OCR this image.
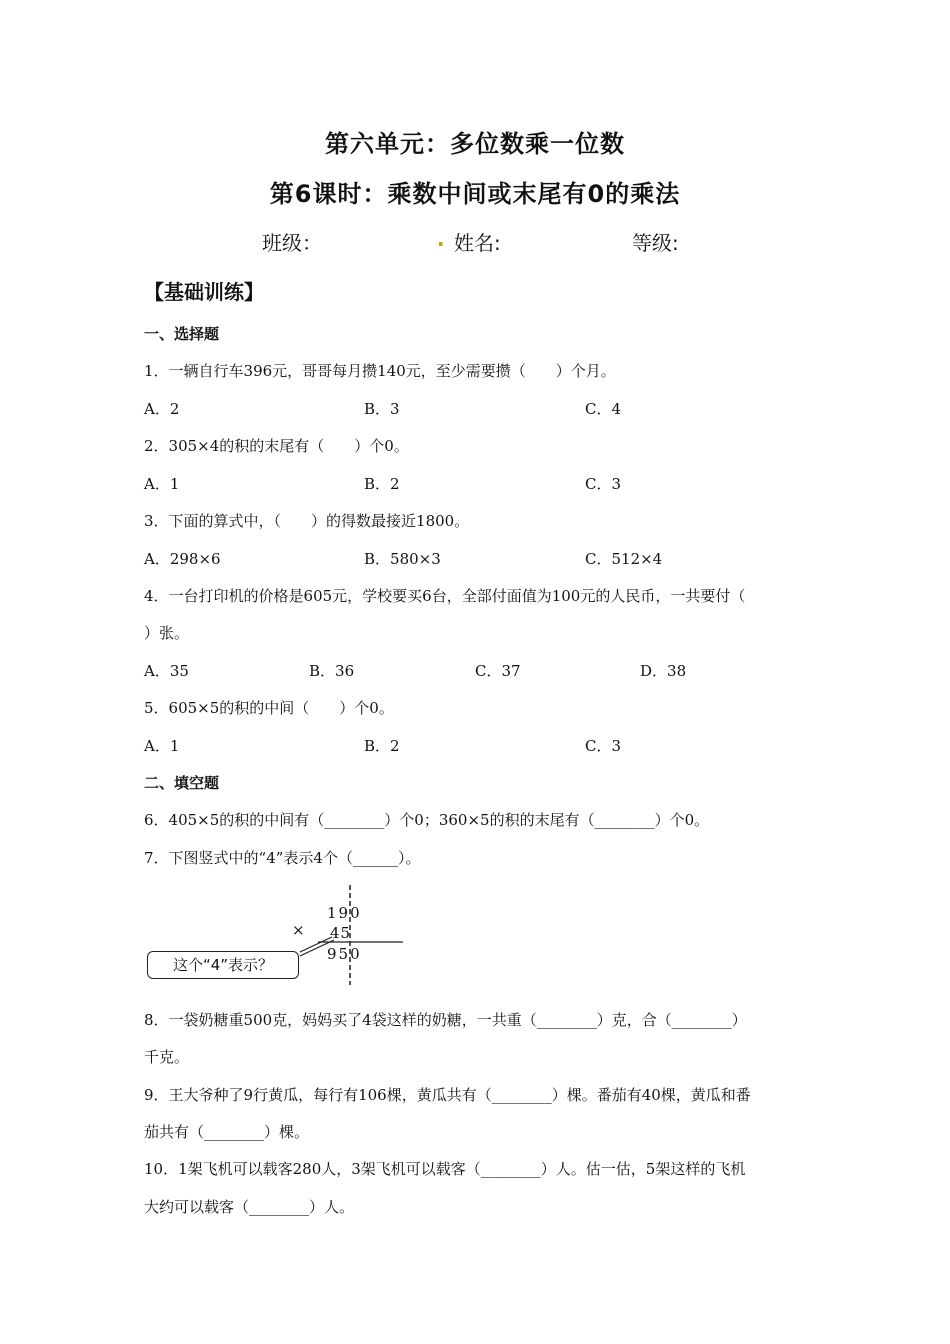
第六单元：多位数乘一位数
第6课时：乘数中间或末尾有0的乘法
班级：	. 姓名:	等级:
【基础训练】
一、选择题
1．一辆自行车396元，哥哥每月攒140元，至少需要攒（　　）个月。
A．2	B．3	C．4
2．305×4的积的末尾有（　　）个0。
A．1	B．2	C．3
3．下面的算式中，（　　）的得数最接近1800。
A．298×6	B．580×3	C．512×4
4．一台打印机的价格是605元，学校要买6台，全部付面值为100元的人民币，一共要付（
）张。
A．35	B．36	C．37	D．38
5．605×5的积的中间（　　）个0。
A．1	B．2	C．3
二、填空题
6．405×5的积的中间有（________）个0；360×5的积的末尾有（________）个0。
7．下图竖式中的“4”表示4个（______）。
190
× 45
950
这个“4”表示？
8．一袋奶糖重500克，妈妈买了4袋这样的奶糖，一共重（________）克，合（________）
千克。
9．王大爷种了9行黄瓜，每行有106棵，黄瓜共有（________）棵。番茄有40棵，黄瓜和番
茄共有（________）棵。
10．1架飞机可以载客280人，3架飞机可以载客（________）人。估一估，5架这样的飞机
大约可以载客（________）人。
